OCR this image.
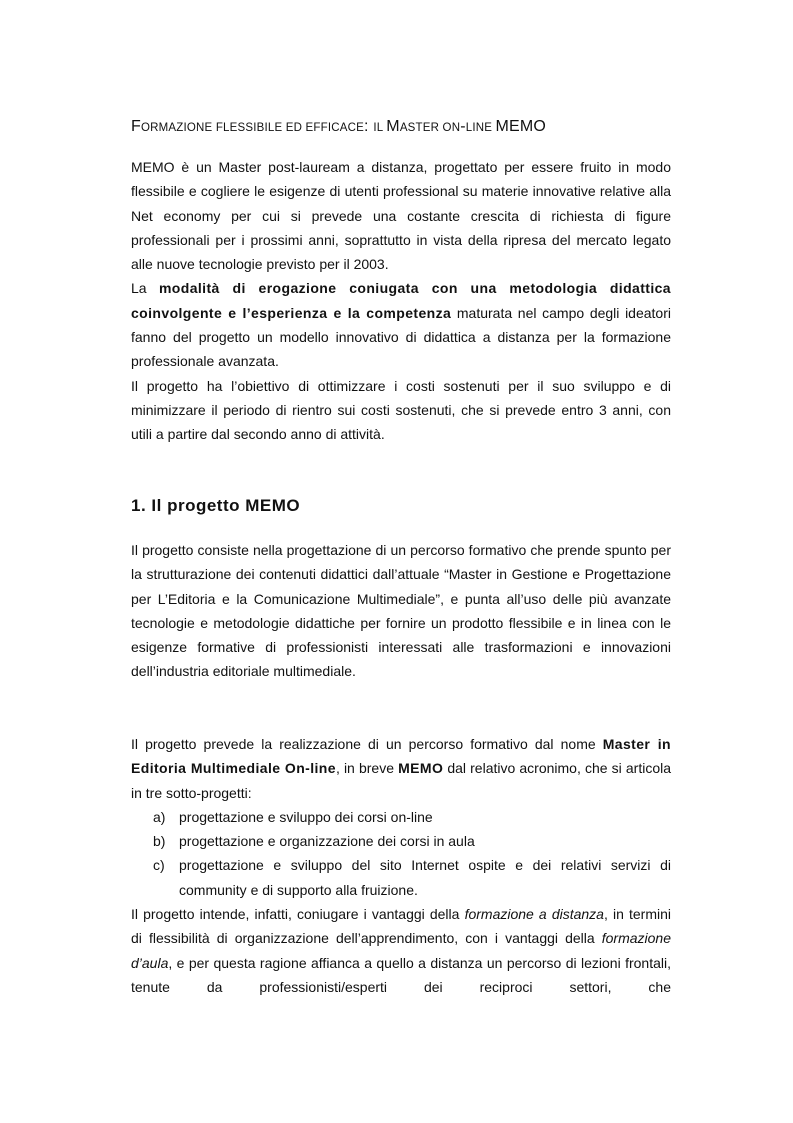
FORMAZIONE FLESSIBILE ED EFFICACE: IL MASTER ON-LINE MEMO

MEMO è un Master post-lauream a distanza, progettato per essere fruito in modo flessibile e cogliere le esigenze di utenti professional su materie innovative relative alla Net economy per cui si prevede una costante crescita di richiesta di figure professionali per i prossimi anni, soprattutto in vista della ripresa del mercato legato alle nuove tecnologie previsto per il 2003.

La modalità di erogazione coniugata con una metodologia didattica coinvolgente e l’esperienza e la competenza maturata nel campo degli ideatori fanno del progetto un modello innovativo di didattica a distanza per la formazione professionale avanzata.

Il progetto ha l’obiettivo di ottimizzare i costi sostenuti per il suo sviluppo e di minimizzare il periodo di rientro sui costi sostenuti, che si prevede entro 3 anni, con utili a partire dal secondo anno di attività.

1. Il progetto MEMO

Il progetto consiste nella progettazione di un percorso formativo che prende spunto per la strutturazione dei contenuti didattici dall’attuale “Master in Gestione e Progettazione per L’Editoria e la Comunicazione Multimediale”, e punta all’uso delle più avanzate tecnologie e metodologie didattiche per fornire un prodotto flessibile e in linea con le esigenze formative di professionisti interessati alle trasformazioni e innovazioni dell’industria editoriale multimediale.

Il progetto prevede la realizzazione di un percorso formativo dal nome Master in Editoria Multimediale On-line, in breve MEMO dal relativo acronimo, che si articola in tre sotto-progetti:

a) progettazione e sviluppo dei corsi on-line
b) progettazione e organizzazione dei corsi in aula
c) progettazione e sviluppo del sito Internet ospite e dei relativi servizi di community e di supporto alla fruizione.

Il progetto intende, infatti, coniugare i vantaggi della formazione a distanza, in termini di flessibilità di organizzazione dell’apprendimento, con i vantaggi della formazione d’aula, e per questa ragione affianca a quello a distanza un percorso di lezioni frontali, tenute da professionisti/esperti dei reciproci settori, che
